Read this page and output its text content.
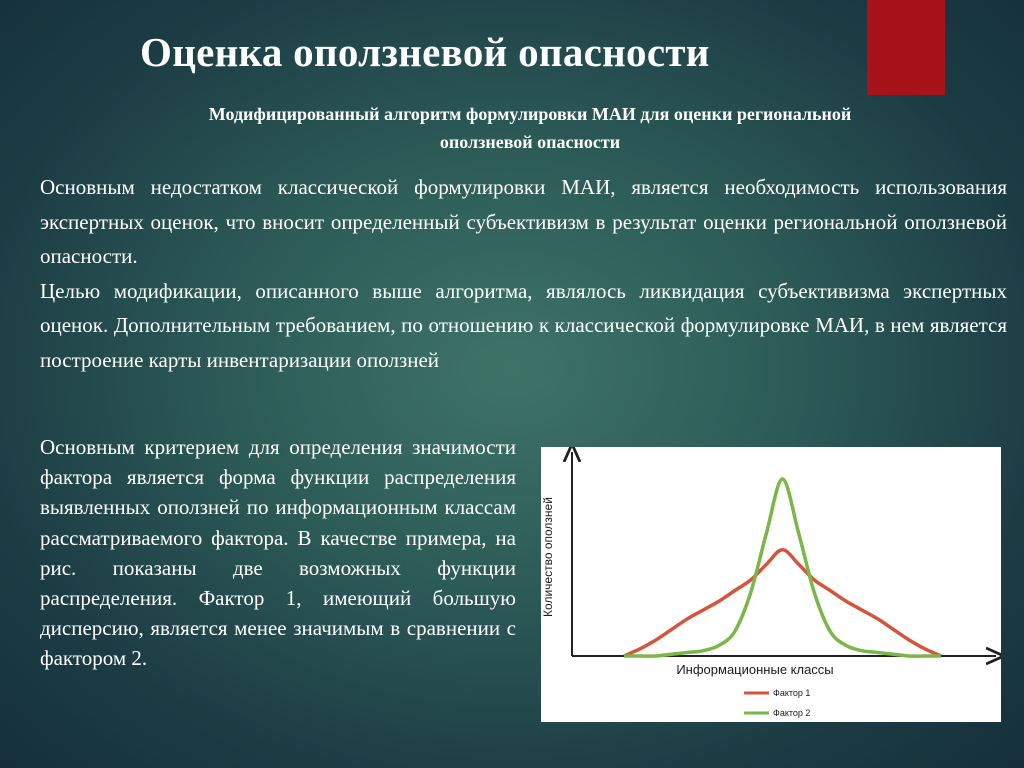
Оценка оползневой опасности
Модифицированный алгоритм формулировки МАИ для оценки региональной
оползневой опасности

Основным недостатком классической формулировки МАИ, является необходимость использования экспертных оценок, что вносит определенный субъективизм в результат оценки региональной оползневой опасности.

Целью модификации, описанного выше алгоритма, являлось ликвидация субъективизма экспертных оценок. Дополнительным требованием, по отношению к классической формулировке МАИ, в нем является построение карты инвентаризации оползней

Основным критерием для определения значимости фактора является форма функции распределения выявленных оползней по информационным классам рассматриваемого фактора. В качестве примера, на рис. показаны две возможных функции распределения. Фактор 1, имеющий большую дисперсию, является менее значимым в сравнении с фактором 2.
Количество оползней
Информационные классы
Фактор 1
Фактор 2
